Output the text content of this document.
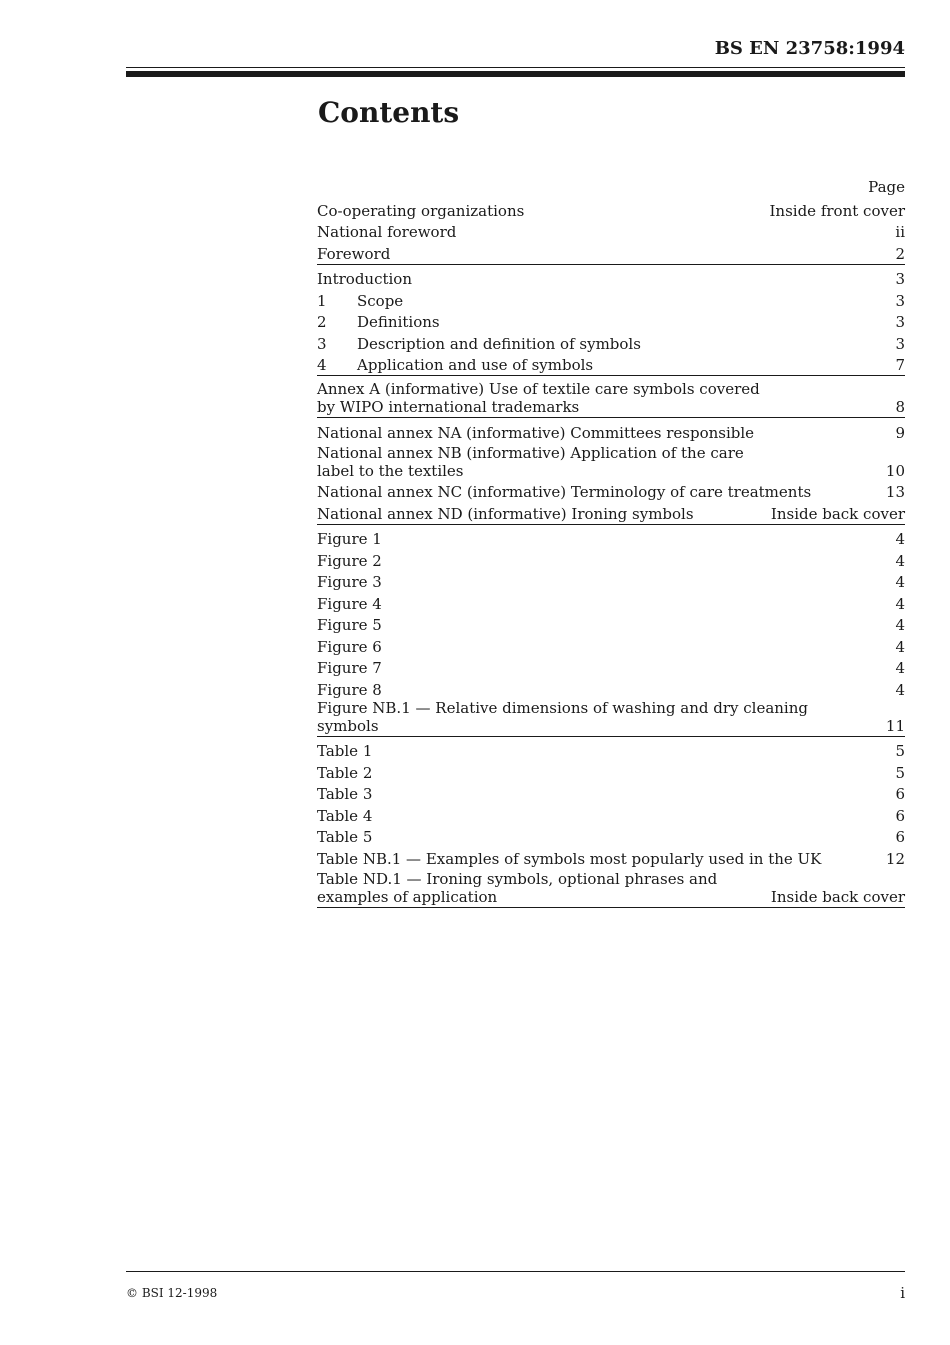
BS EN 23758:1994
Contents
Page
Co-operating organizations	Inside front cover
National foreword	ii
Foreword	2
Introduction	3
1	Scope	3
2	Definitions	3
3	Description and definition of symbols	3
4	Application and use of symbols	7
Annex A (informative) Use of textile care symbols covered
by WIPO international trademarks	8
National annex NA (informative) Committees responsible	9
National annex NB (informative) Application of the care
label to the textiles	10
National annex NC (informative) Terminology of care treatments	13
National annex ND (informative) Ironing symbols	Inside back cover
Figure 1	4
Figure 2	4
Figure 3	4
Figure 4	4
Figure 5	4
Figure 6	4
Figure 7	4
Figure 8	4
Figure NB.1 — Relative dimensions of washing and dry cleaning symbols	11
Table 1	5
Table 2	5
Table 3	6
Table 4	6
Table 5	6
Table NB.1 — Examples of symbols most popularly used in the UK	12
Table ND.1 — Ironing symbols, optional phrases and
examples of application	Inside back cover
© BSI 12-1998	i
